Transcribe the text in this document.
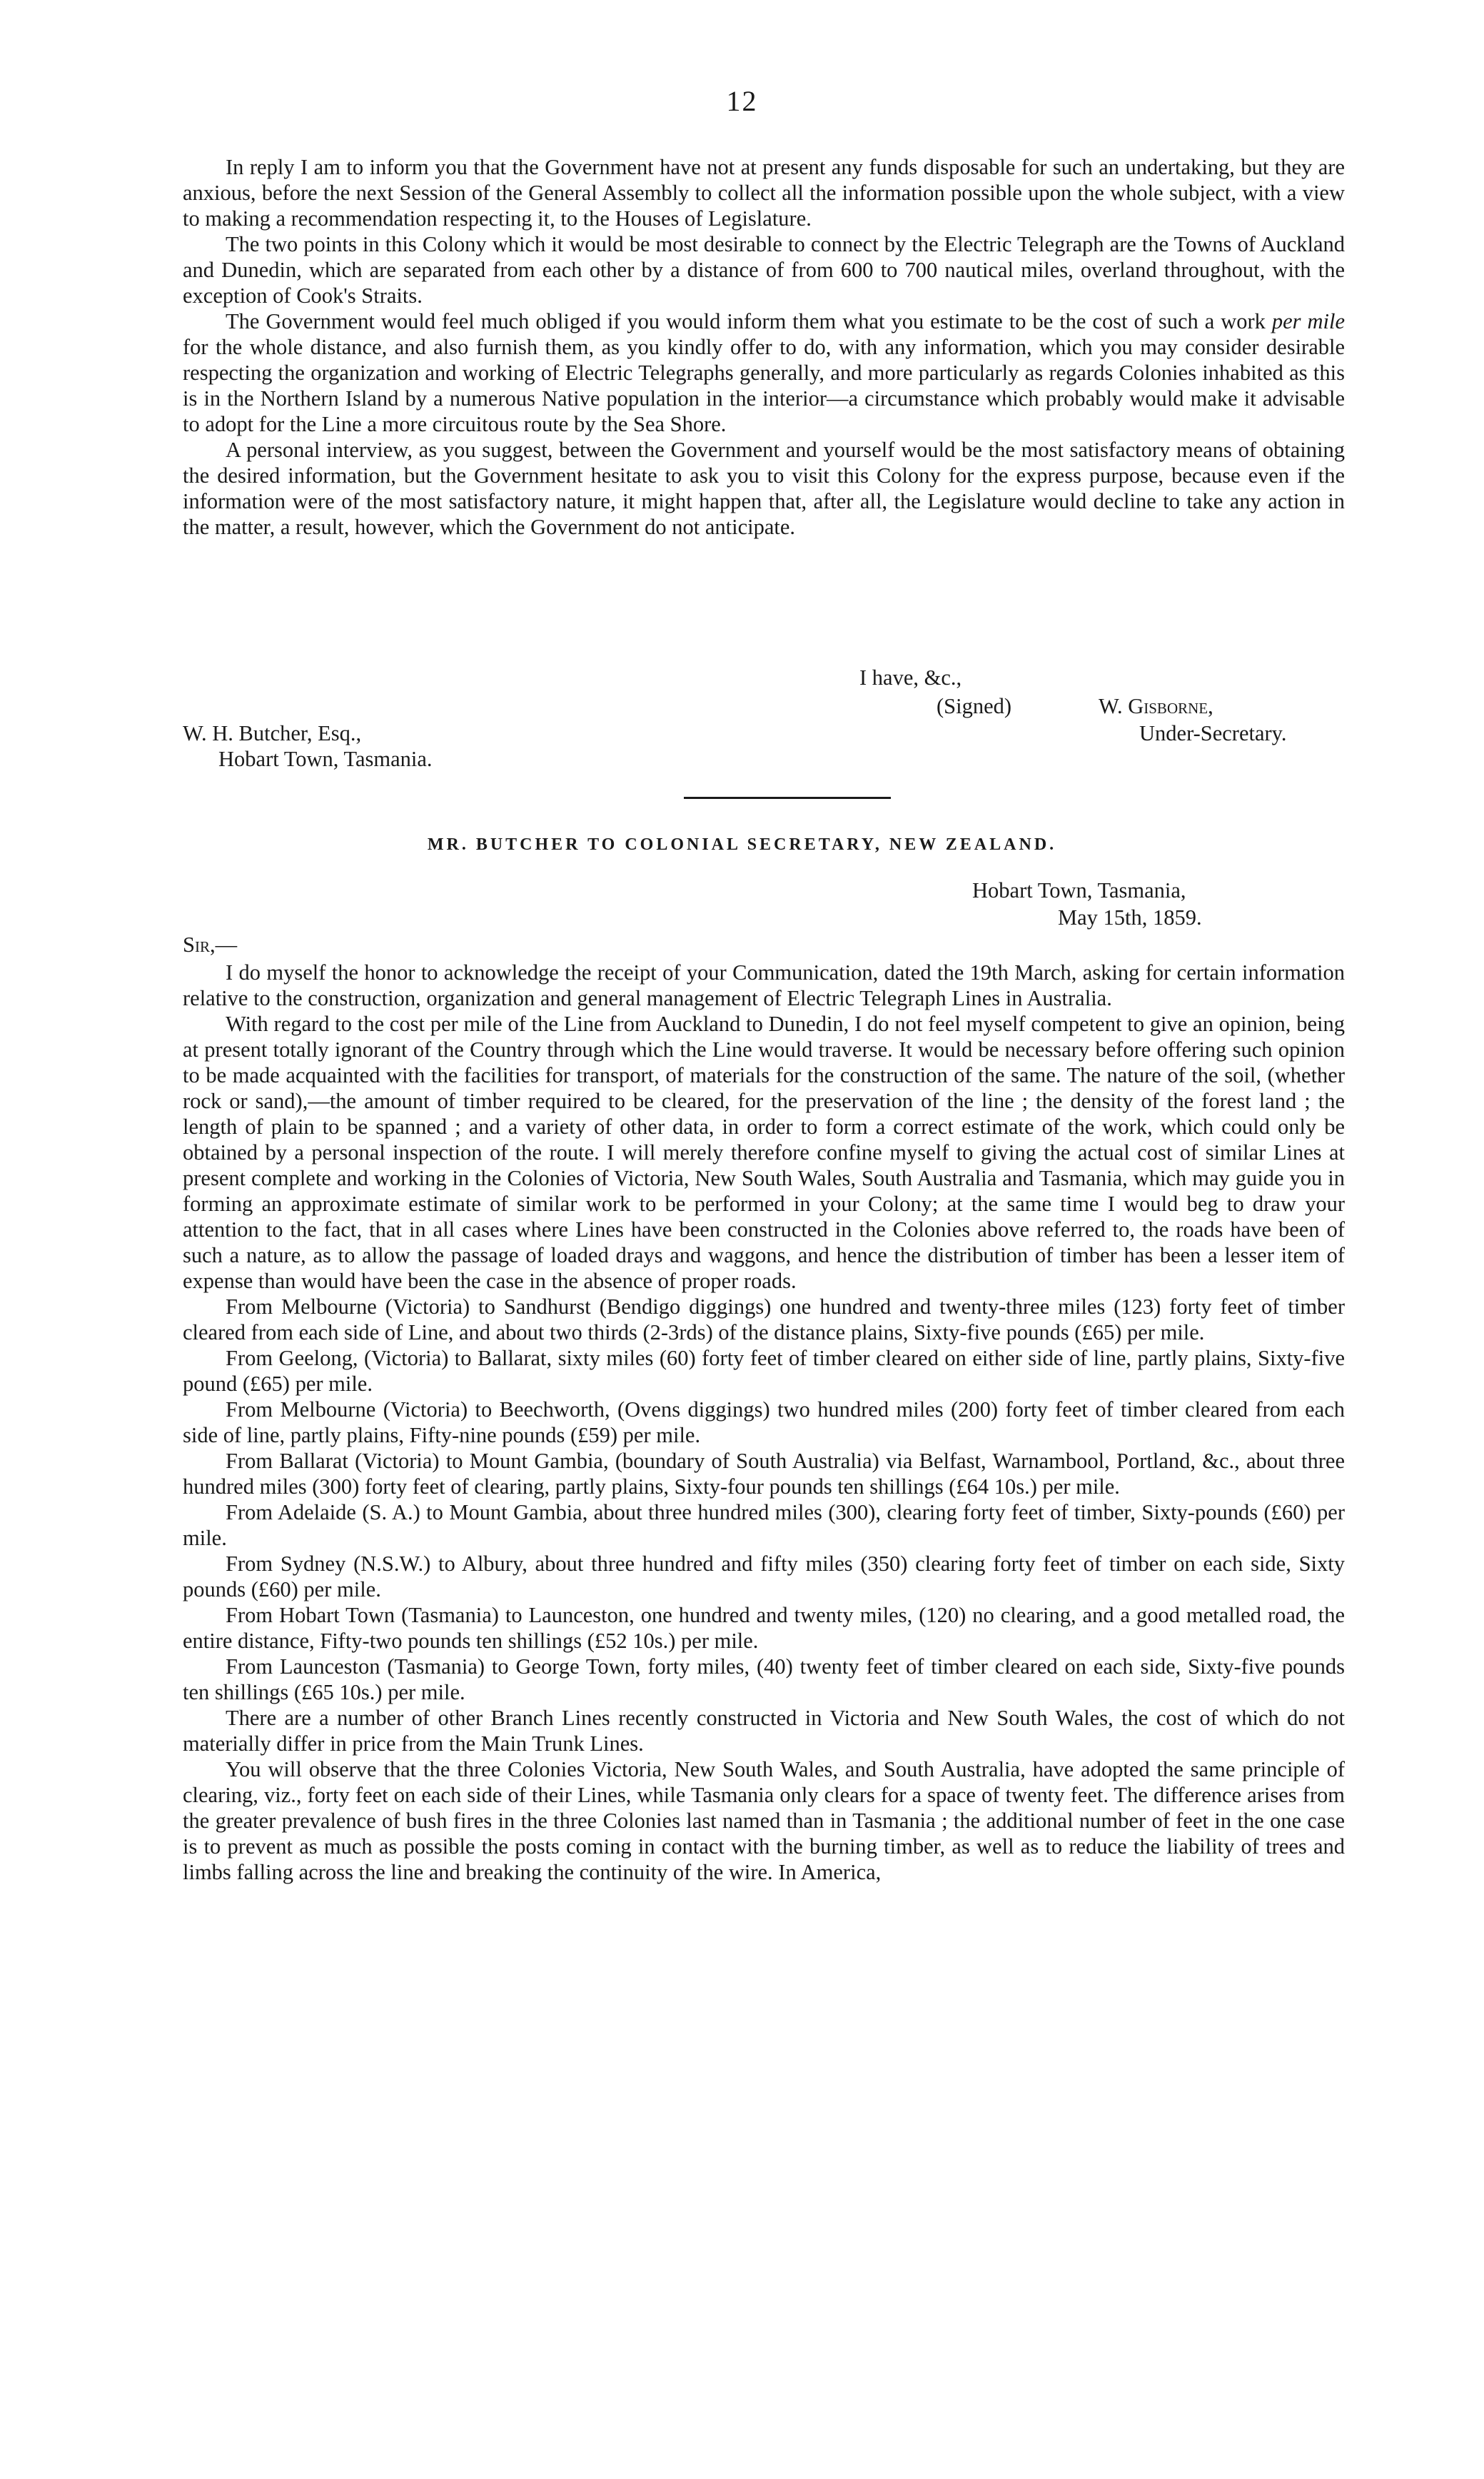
12

In reply I am to inform you that the Government have not at present any funds disposable for such an undertaking, but they are anxious, before the next Session of the General Assembly to collect all the information possible upon the whole subject, with a view to making a recommendation respecting it, to the Houses of Legislature.

The two points in this Colony which it would be most desirable to connect by the Electric Telegraph are the Towns of Auckland and Dunedin, which are separated from each other by a distance of from 600 to 700 nautical miles, overland throughout, with the exception of Cook's Straits.

The Government would feel much obliged if you would inform them what you estimate to be the cost of such a work per mile for the whole distance, and also furnish them, as you kindly offer to do, with any information, which you may consider desirable respecting the organization and working of Electric Telegraphs generally, and more particularly as regards Colonies inhabited as this is in the Northern Island by a numerous Native population in the interior—a circumstance which probably would make it advisable to adopt for the Line a more circuitous route by the Sea Shore.

A personal interview, as you suggest, between the Government and yourself would be the most satisfactory means of obtaining the desired information, but the Government hesitate to ask you to visit this Colony for the express purpose, because even if the information were of the most satisfactory nature, it might happen that, after all, the Legislature would decline to take any action in the matter, a result, however, which the Government do not anticipate.

I have, &c.,
(Signed)	W. Gisborne,
Under-Secretary.
W. H. Butcher, Esq.,
Hobart Town, Tasmania.
MR. BUTCHER TO COLONIAL SECRETARY, NEW ZEALAND.
Hobart Town, Tasmania,
May 15th, 1859.
Sir,—

I do myself the honor to acknowledge the receipt of your Communication, dated the 19th March, asking for certain information relative to the construction, organization and general management of Electric Telegraph Lines in Australia.

With regard to the cost per mile of the Line from Auckland to Dunedin, I do not feel myself competent to give an opinion, being at present totally ignorant of the Country through which the Line would traverse. It would be necessary before offering such opinion to be made acquainted with the facilities for transport, of materials for the construction of the same. The nature of the soil, (whether rock or sand),—the amount of timber required to be cleared, for the preservation of the line ; the density of the forest land ; the length of plain to be spanned ; and a variety of other data, in order to form a correct estimate of the work, which could only be obtained by a personal inspection of the route. I will merely therefore confine myself to giving the actual cost of similar Lines at present complete and working in the Colonies of Victoria, New South Wales, South Australia and Tasmania, which may guide you in forming an approximate estimate of similar work to be performed in your Colony; at the same time I would beg to draw your attention to the fact, that in all cases where Lines have been constructed in the Colonies above referred to, the roads have been of such a nature, as to allow the passage of loaded drays and waggons, and hence the distribution of timber has been a lesser item of expense than would have been the case in the absence of proper roads.

From Melbourne (Victoria) to Sandhurst (Bendigo diggings) one hundred and twenty-three miles (123) forty feet of timber cleared from each side of Line, and about two thirds (2-3rds) of the distance plains, Sixty-five pounds (£65) per mile.

From Geelong, (Victoria) to Ballarat, sixty miles (60) forty feet of timber cleared on either side of line, partly plains, Sixty-five pound (£65) per mile.

From Melbourne (Victoria) to Beechworth, (Ovens diggings) two hundred miles (200) forty feet of timber cleared from each side of line, partly plains, Fifty-nine pounds (£59) per mile.

From Ballarat (Victoria) to Mount Gambia, (boundary of South Australia) via Belfast, Warnambool, Portland, &c., about three hundred miles (300) forty feet of clearing, partly plains, Sixty-four pounds ten shillings (£64 10s.) per mile.

From Adelaide (S. A.) to Mount Gambia, about three hundred miles (300), clearing forty feet of timber, Sixty-pounds (£60) per mile.

From Sydney (N.S.W.) to Albury, about three hundred and fifty miles (350) clearing forty feet of timber on each side, Sixty pounds (£60) per mile.

From Hobart Town (Tasmania) to Launceston, one hundred and twenty miles, (120) no clearing, and a good metalled road, the entire distance, Fifty-two pounds ten shillings (£52 10s.) per mile.

From Launceston (Tasmania) to George Town, forty miles, (40) twenty feet of timber cleared on each side, Sixty-five pounds ten shillings (£65 10s.) per mile.

There are a number of other Branch Lines recently constructed in Victoria and New South Wales, the cost of which do not materially differ in price from the Main Trunk Lines.

You will observe that the three Colonies Victoria, New South Wales, and South Australia, have adopted the same principle of clearing, viz., forty feet on each side of their Lines, while Tasmania only clears for a space of twenty feet. The difference arises from the greater prevalence of bush fires in the three Colonies last named than in Tasmania ; the additional number of feet in the one case is to prevent as much as possible the posts coming in contact with the burning timber, as well as to reduce the liability of trees and limbs falling across the line and breaking the continuity of the wire. In America,
